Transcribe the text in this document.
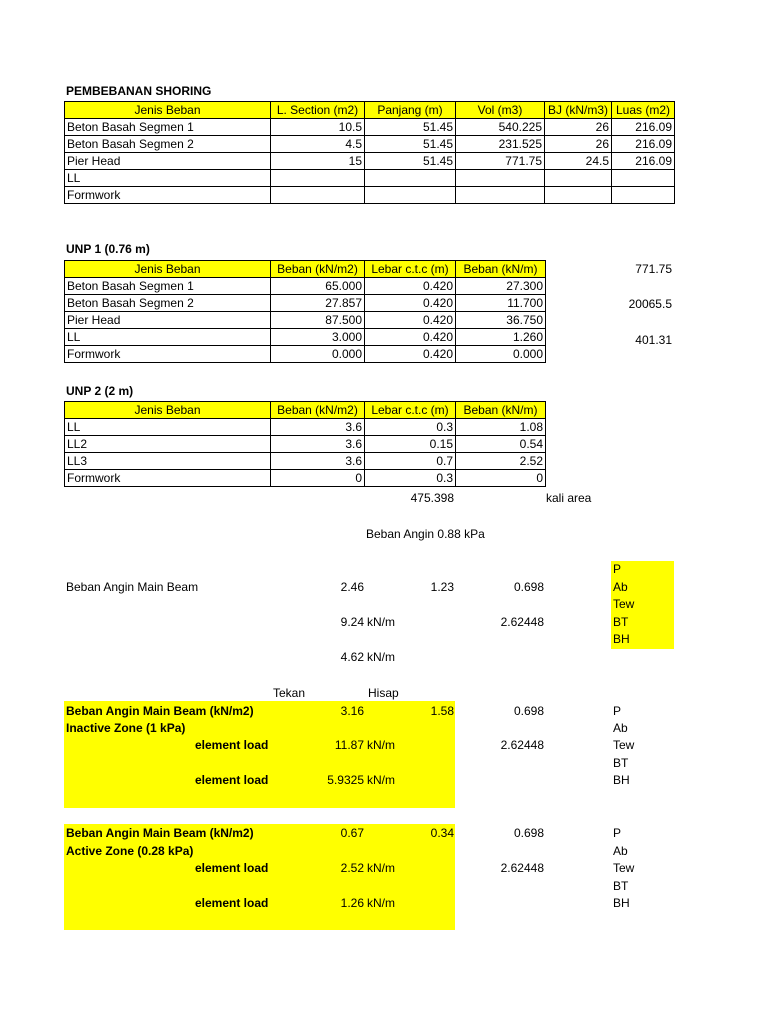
PEMBEBANAN SHORING
Jenis Beban	L. Section (m2)	Panjang (m)	Vol (m3)	BJ (kN/m3)	Luas (m2)
Beton Basah Segmen 1	10.5	51.45	540.225	26	216.09
Beton Basah Segmen 2	4.5	51.45	231.525	26	216.09
Pier Head	15	51.45	771.75	24.5	216.09
LL					
Formwork					
UNP 1 (0.76 m)
Jenis Beban	Beban (kN/m2)	Lebar c.t.c (m)	Beban (kN/m)
Beton Basah Segmen 1	65.000	0.420	27.300
Beton Basah Segmen 2	27.857	0.420	11.700
Pier Head	87.500	0.420	36.750
LL	3.000	0.420	1.260
Formwork	0.000	0.420	0.000
771.75
20065.5
401.31
UNP 2 (2 m)
Jenis Beban	Beban (kN/m2)	Lebar c.t.c (m)	Beban (kN/m)
LL	3.6	0.3	1.08
LL2	3.6	0.15	0.54
LL3	3.6	0.7	2.52
Formwork	0	0.3	0
475.398	kali area
Beban Angin 0.88 kPa
P
Ab
Tew
BT
BH
Beban Angin Main Beam	2.46	1.23	0.698
9.24 kN/m	2.62448
4.62 kN/m
Tekan	Hisap
Beban Angin Main Beam (kN/m2)	3.16	1.58	0.698
Inactive Zone (1 kPa)
element load	11.87 kN/m	2.62448
element load	5.9325 kN/m
P
Ab
Tew
BT
BH
Beban Angin Main Beam (kN/m2)	0.67	0.34	0.698
Active Zone (0.28 kPa)
element load	2.52 kN/m	2.62448
element load	1.26 kN/m
P
Ab
Tew
BT
BH
